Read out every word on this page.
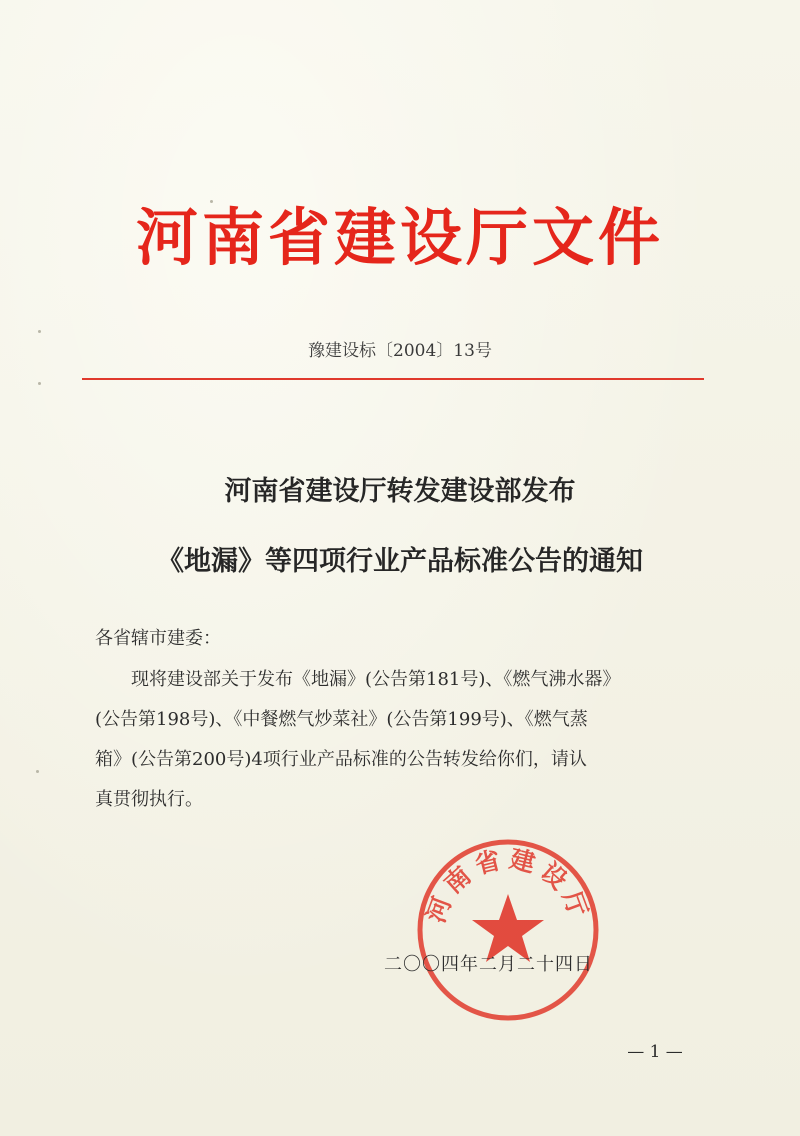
河南省建设厅文件

豫建设标〔2004〕13号

河南省建设厅转发建设部发布
《地漏》等四项行业产品标准公告的通知

各省辖市建委：

现将建设部关于发布《地漏》(公告第181号)、《燃气沸水器》
(公告第198号)、《中餐燃气炒菜社》(公告第199号)、《燃气蒸
箱》(公告第200号)4项行业产品标准的公告转发给你们，请认
真贯彻执行。
河南省建设厅

二〇〇四年二月二十四日

— 1 —
